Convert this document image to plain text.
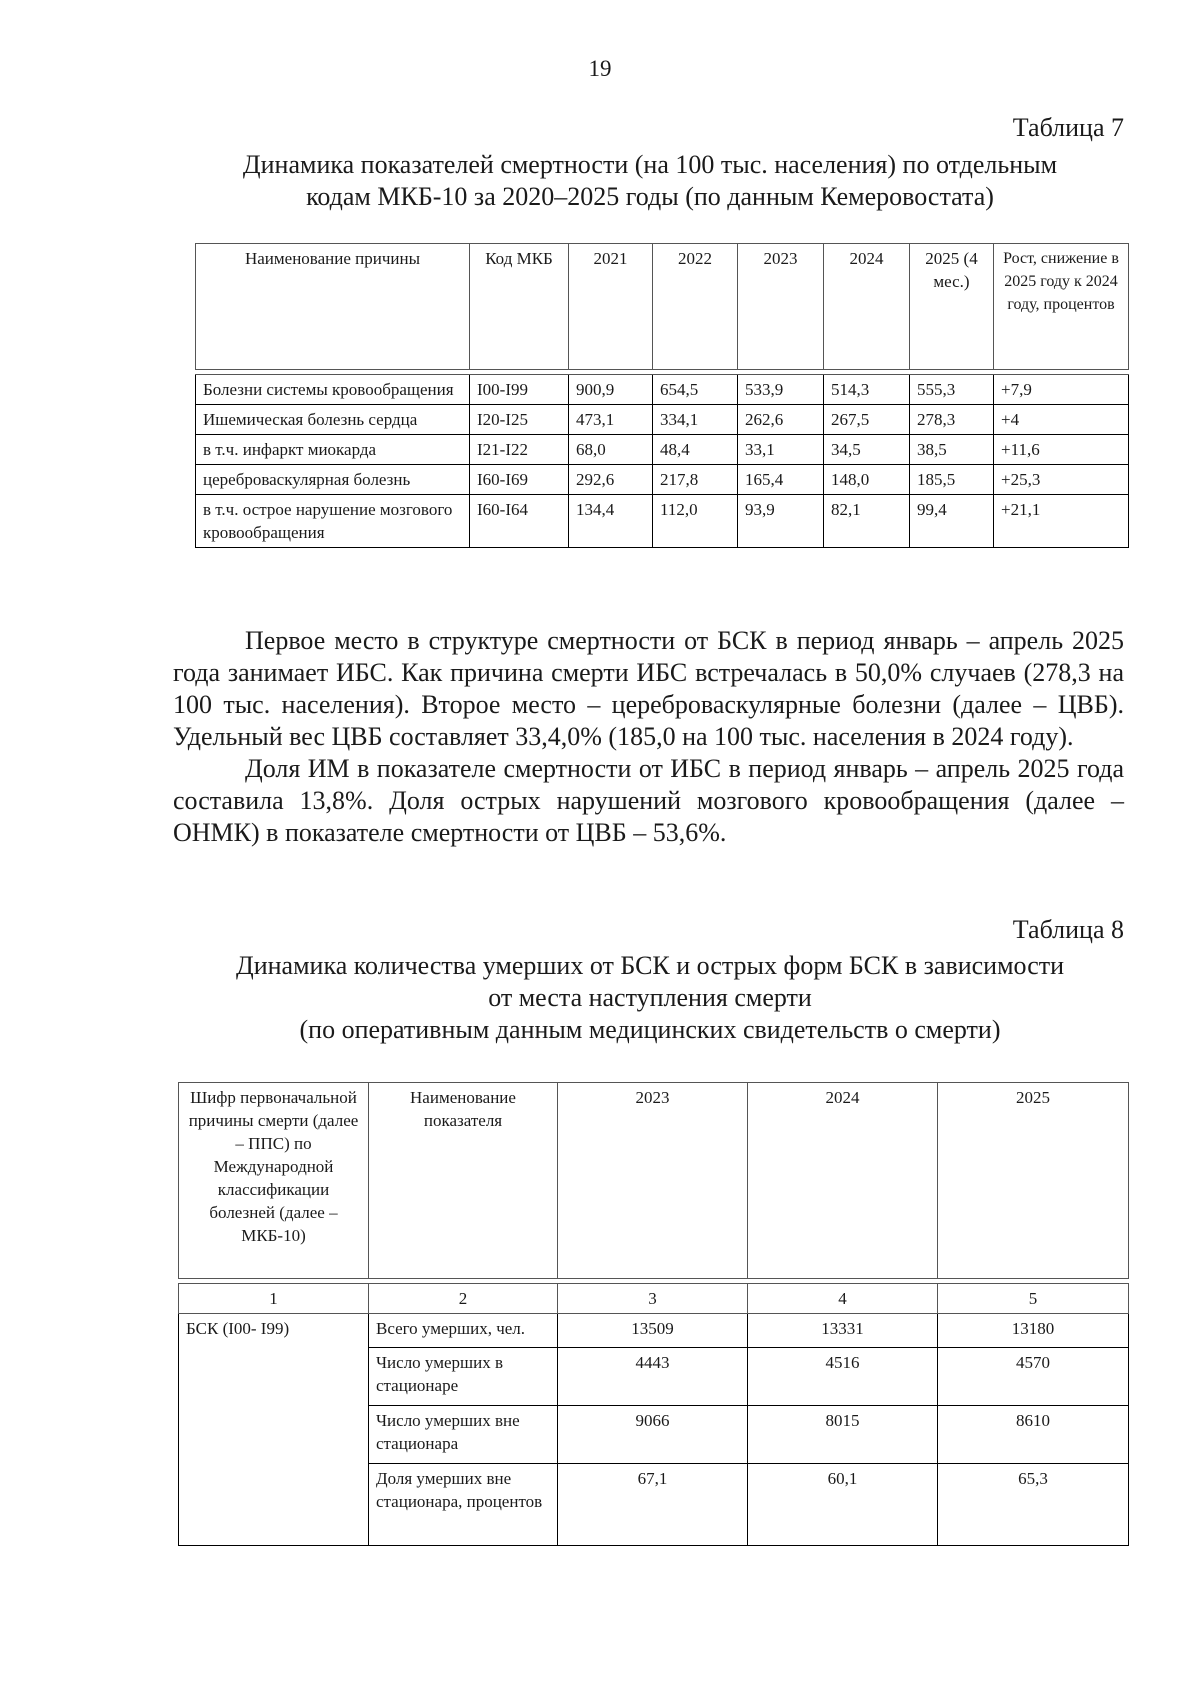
19
Таблица 7
Динамика показателей смертности (на 100 тыс. населения) по отдельным
кодам МКБ-10 за 2020–2025 годы (по данным Кемеровостата)
Наименование причины	Код МКБ	2021	2022	2023	2024	2025 (4 мес.)	Рост, снижение в 2025 году к 2024 году, процентов

Болезни системы кровообращения	I00-I99	900,9	654,5	533,9	514,3	555,3	+7,9
Ишемическая болезнь сердца	I20-I25	473,1	334,1	262,6	267,5	278,3	+4
в т.ч. инфаркт миокарда	I21-I22	68,0	48,4	33,1	34,5	38,5	+11,6
цереброваскулярная болезнь	I60-I69	292,6	217,8	165,4	148,0	185,5	+25,3
в т.ч. острое нарушение мозгового кровообращения	I60-I64	134,4	112,0	93,9	82,1	99,4	+21,1

Первое место в структуре смертности от БСК в период январь – апрель 2025 года занимает ИБС. Как причина смерти ИБС встречалась в 50,0% случаев (278,3 на 100 тыс. населения). Второе место – цереброваскулярные болезни (далее – ЦВБ). Удельный вес ЦВБ составляет 33,4,0% (185,0 на 100 тыс. населения в 2024 году).

Доля ИМ в показателе смертности от ИБС в период январь – апрель 2025 года составила 13,8%. Доля острых нарушений мозгового кровообращения (далее – ОНМК) в показателе смертности от ЦВБ – 53,6%.

Таблица 8
Динамика количества умерших от БСК и острых форм БСК в зависимости
от места наступления смерти
(по оперативным данным медицинских свидетельств о смерти)
Шифр первоначальной причины смерти (далее – ППС) по Международной классификации болезней (далее – МКБ-10)	Наименование показателя	2023	2024	2025

1	2	3	4	5
БСК (I00- I99)	Всего умерших, чел.	13509	13331	13180
	Число умерших в стационаре	4443	4516	4570
	Число умерших вне стационара	9066	8015	8610
	Доля умерших вне стационара, процентов	67,1	60,1	65,3
